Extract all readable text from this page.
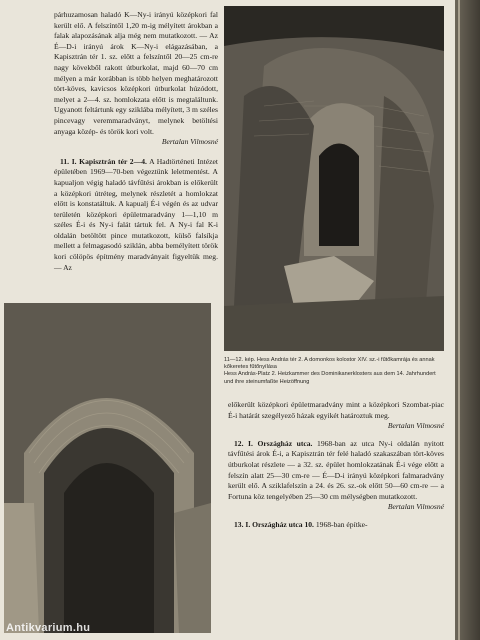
párhuzamosan haladó K—Ny-i irányú középkori fal került elő. A felszíntől 1,20 m-ig mélyített árokban a falak alapozásának alja még nem mutatkozott. — Az É—D-i irányú árok K—Ny-i elágazásában, a Kapisztrán tér 1. sz. előtt a felszíntől 20—25 cm-re nagy kövekből rakott útburkolat, majd 60—70 cm mélyen a már korábban is több helyen meghatározott tört-köves, kavicsos középkori útburkolat húzódott, melyet a 2—4. sz. homlokzata előtt is megtaláltunk. Ugyanott feltártunk egy sziklába mélyített, 3 m széles pincevagy veremmaradványt, melynek betöltési anyaga közép- és török kori volt.

Bertalan Vilmosné

11. I. Kapisztrán tér 2—4. A Hadtörténeti Intézet épületében 1969—70-ben végeztünk leletmentést. A kapualjon végig haladó távfűtési árokban is előkerült a középkori útréteg, melynek részletét a homlokzat előtt is konstatáltuk. A kapualj É-i végén és az udvar területén középkori épületmaradvány 1—1,10 m széles É-i és Ny-i falát tártuk fel. A Ny-i fal K-i oldalán betöltött pince mutatkozott, külső falsíkja mellett a felmagasodó sziklán, abba bemélyített török kori cölöpös építmény maradványait figyeltük meg. — Az

11—12. kép. Hess András tér 2. A domonkos kolostor XIV. sz.-i fűtőkamrája és annak kőkeretes fűtőnyílása
Hess András-Platz 2. Heizkammer des Dominikanerklosters aus dem 14. Jahrhundert und ihre steinumfaßte Heizöffnung

előkerült középkori épületmaradvány mint a középkori Szombat-piac É-i határát szegélyező házak egyikét határoztuk meg.

Bertalan Vilmosné

12. I. Országház utca. 1968-ban az utca Ny-i oldalán nyitott távfűtési árok É-i, a Kapisztrán tér felé haladó szakaszában tört-köves útburkolat részlete — a 32. sz. épület homlokzatának É-i vége előtt a felszín alatt 25—30 cm-re — É—D-i irányú középkori falmaradvány került elő. A sziklafelszín a 24. és 26. sz.-ok előtt 50—60 cm-re — a Fortuna köz tengelyében 25—30 cm mélységben mutatkozott.

Bertalan Vilmosné

13. I. Országház utca 10. 1968-ban építke-

Antikvarium.hu
